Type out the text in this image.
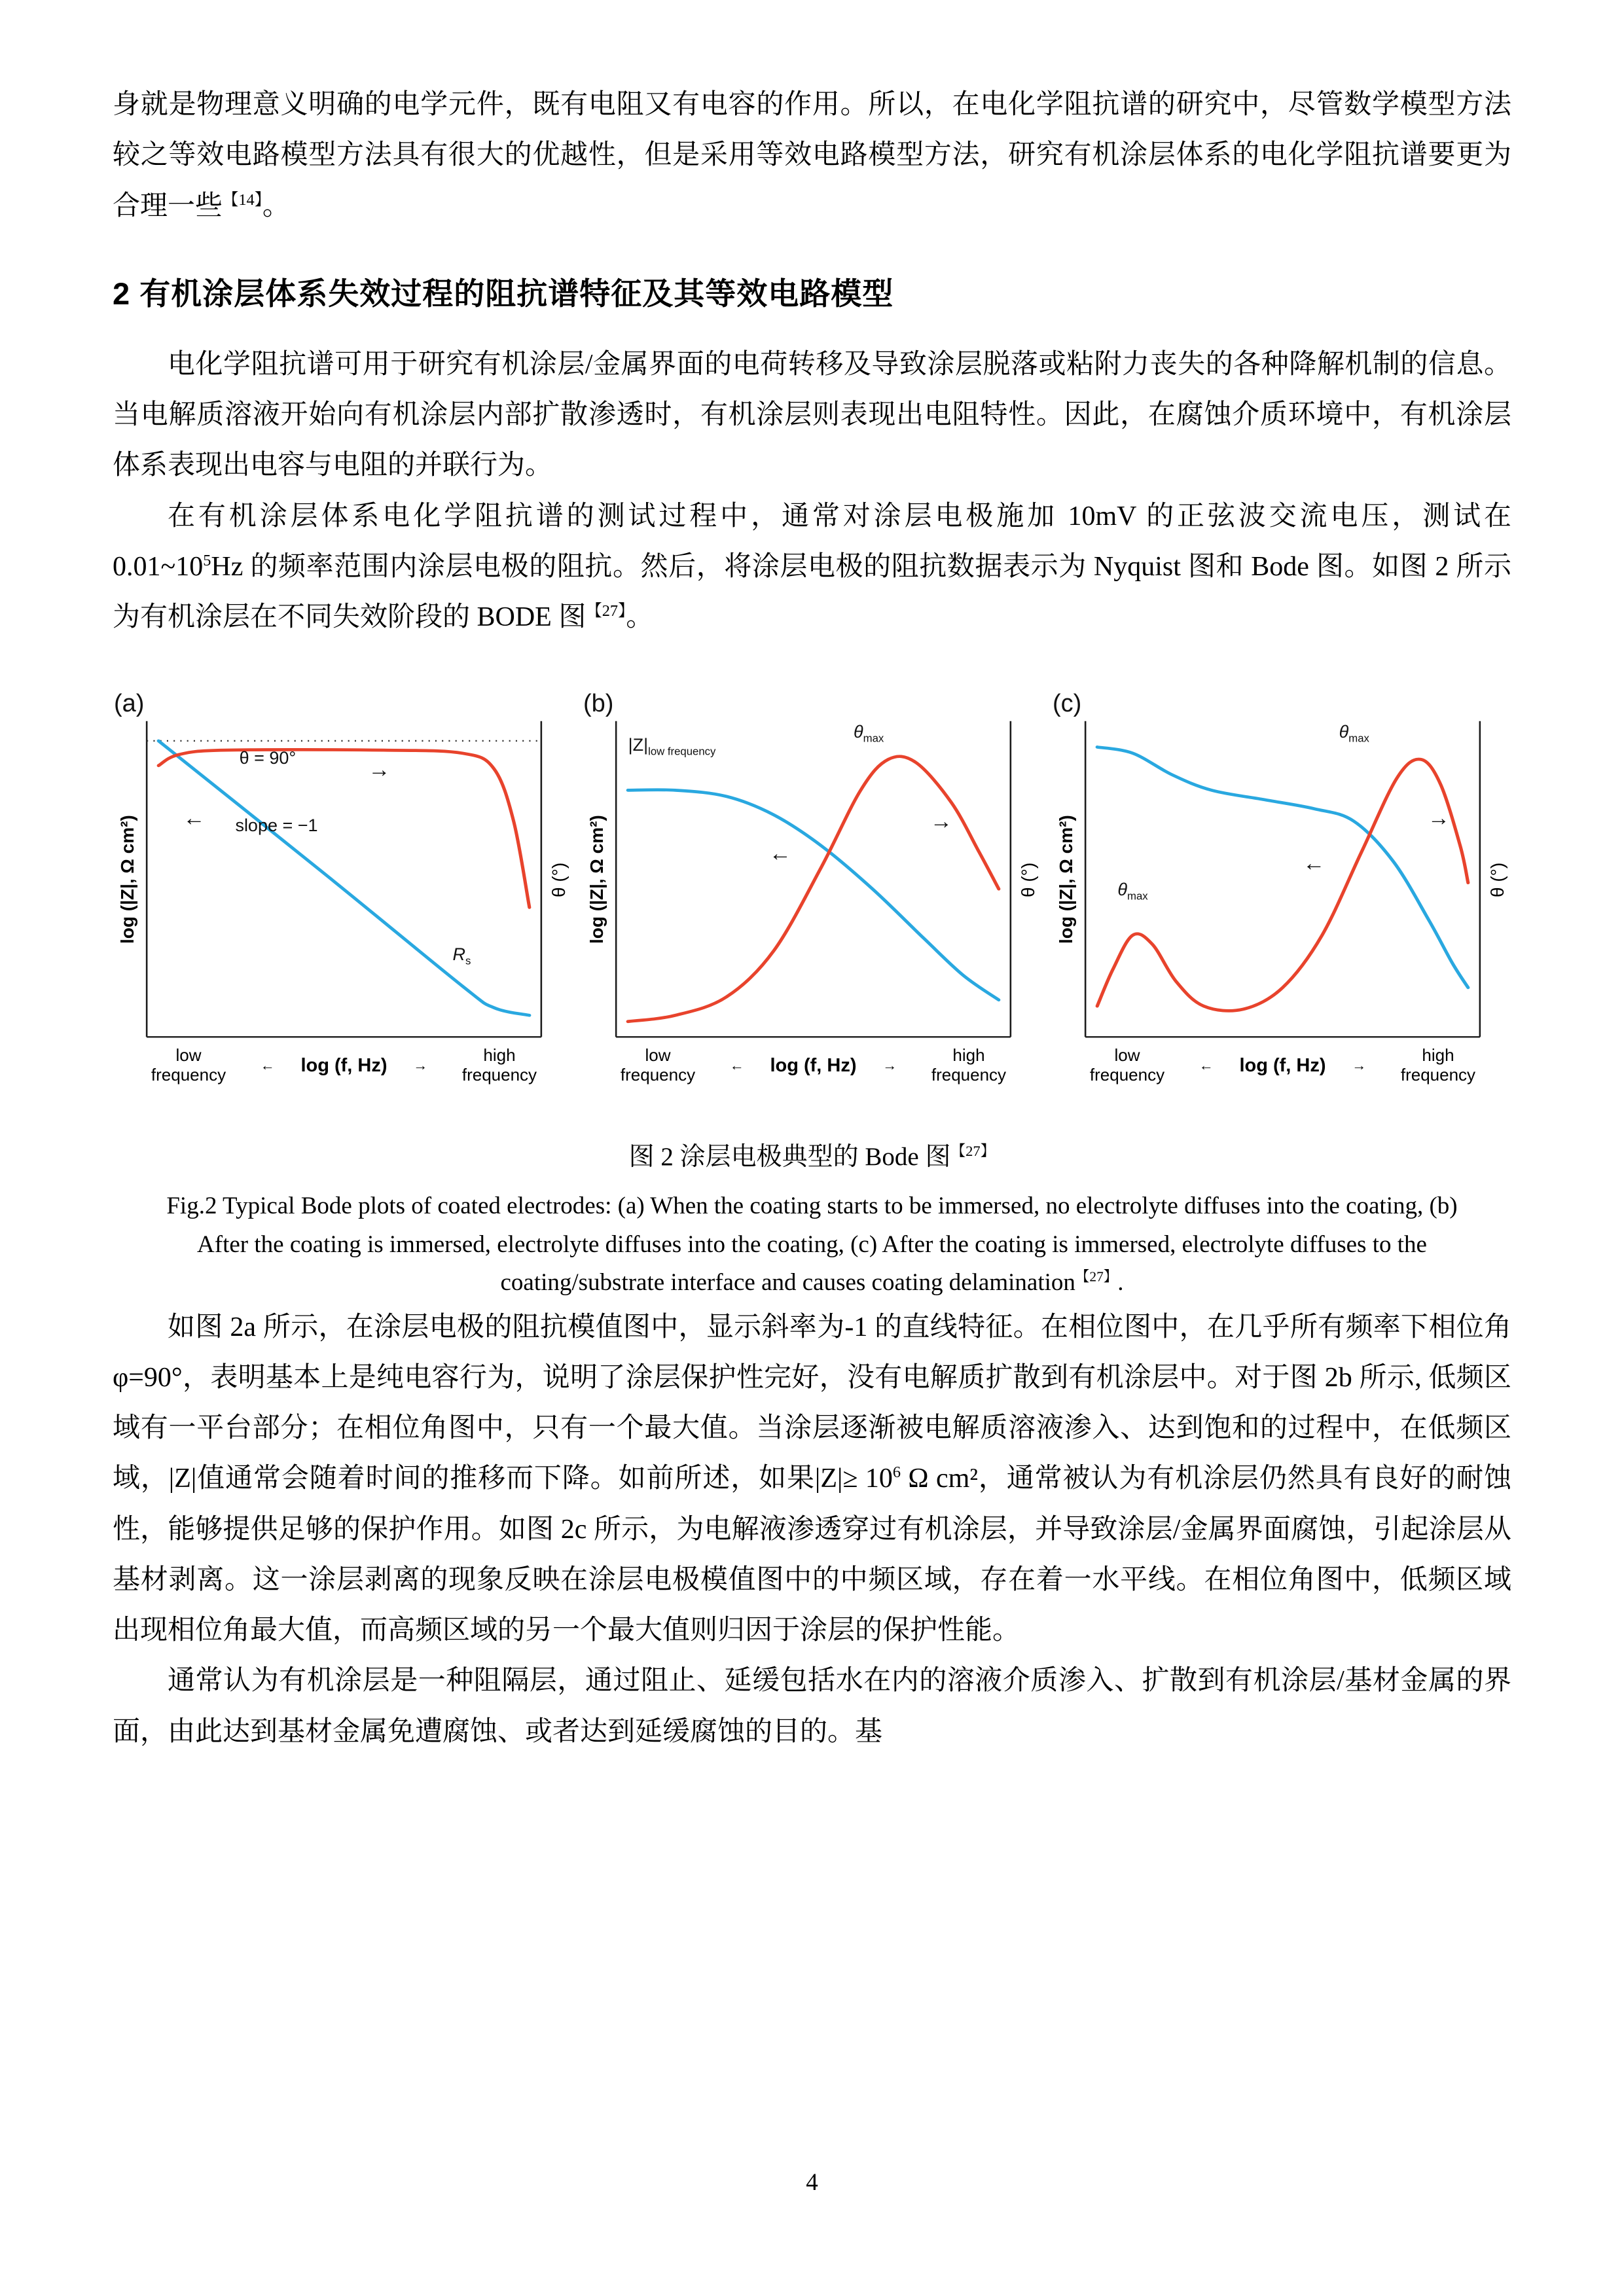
身就是物理意义明确的电学元件，既有电阻又有电容的作用。所以，在电化学阻抗谱的研究中，尽管数学模型方法较之等效电路模型方法具有很大的优越性，但是采用等效电路模型方法，研究有机涂层体系的电化学阻抗谱要更为合理一些$^{【14】}$。

2 有机涂层体系失效过程的阻抗谱特征及其等效电路模型

电化学阻抗谱可用于研究有机涂层/金属界面的电荷转移及导致涂层脱落或粘附力丧失的各种降解机制的信息。当电解质溶液开始向有机涂层内部扩散渗透时，有机涂层则表现出电阻特性。因此，在腐蚀介质环境中，有机涂层体系表现出电容与电阻的并联行为。

在有机涂层体系电化学阻抗谱的测试过程中，通常对涂层电极施加 10mV 的正弦波交流电压，测试在 $0.01\sim 10^5Hz$ 的频率范围内涂层电极的阻抗。然后，将涂层电极的阻抗数据表示为 Nyquist 图和 Bode 图。如图 2 所示为有机涂层在不同失效阶段的 BODE 图$^{【27】}$。

(a)
log (|Z|, Ω cm²)
θ = 90°	→
slope = −1
←
$R_s$
θ (°)
low frequency	← log (f, Hz) →
high frequency
(b)
log (|Z|, Ω cm²)
$|Z|_{low frequency}$
←
$\theta_{max}$
→
θ (°)
low frequency	← log (f, Hz) →
high frequency
(c)
log (|Z|, Ω cm²)
$\theta_{max}$
$\theta_{max}$
←
→
θ (°)
low frequency	← log (f, Hz) →
high frequency
图 2 涂层电极典型的 Bode 图$^{【27】}$
Fig.2 Typical Bode plots of coated electrodes: (a) When the coating starts to be immersed, no electrolyte diffuses into the coating, (b) After the coating is immersed, electrolyte diffuses into the coating, (c) After the coating is immersed, electrolyte diffuses to the coating/substrate interface and causes coating delamination$^{【27】}$.

如图 2a 所示，在涂层电极的阻抗模值图中，显示斜率为-1 的直线特征。在相位图中，在几乎所有频率下相位角 φ=90°，表明基本上是纯电容行为，说明了涂层保护性完好，没有电解质扩散到有机涂层中。对于图 2b 所示, 低频区域有一平台部分；在相位角图中，只有一个最大值。当涂层逐渐被电解质溶液渗入、达到饱和的过程中，在低频区域，|Z|值通常会随着时间的推移而下降。如前所述，如果$|Z|\ge 10^6$ Ω cm²，通常被认为有机涂层仍然具有良好的耐蚀性，能够提供足够的保护作用。如图 2c 所示，为电解液渗透穿过有机涂层，并导致涂层/金属界面腐蚀，引起涂层从基材剥离。这一涂层剥离的现象反映在涂层电极模值图中的中频区域，存在着一水平线。在相位角图中，低频区域出现相位角最大值，而高频区域的另一个最大值则归因于涂层的保护性能。

通常认为有机涂层是一种阻隔层，通过阻止、延缓包括水在内的溶液介质渗入、扩散到有机涂层/基材金属的界面，由此达到基材金属免遭腐蚀、或者达到延缓腐蚀的目的。基

4
